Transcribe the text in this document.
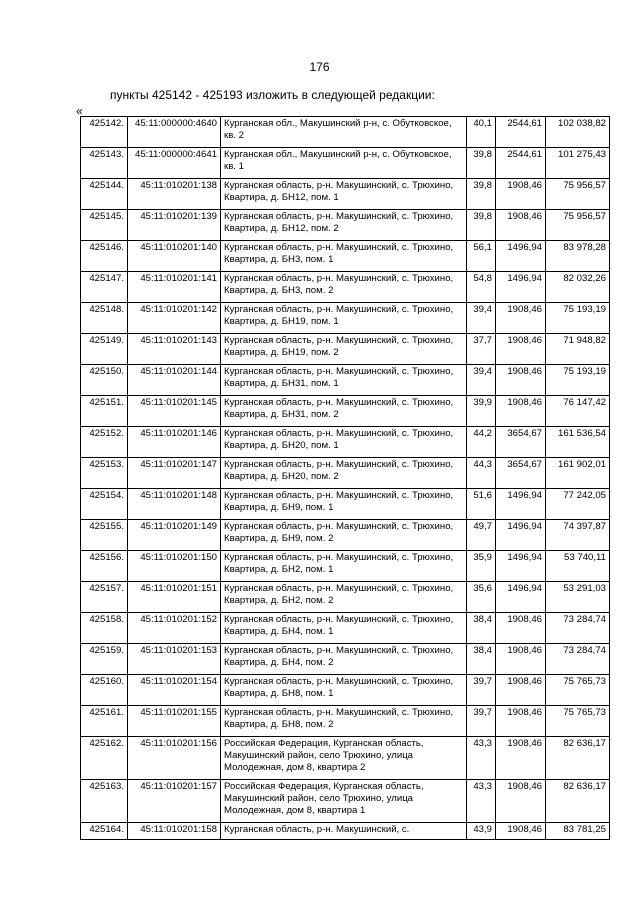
176
пункты 425142 - 425193 изложить в следующей редакции:
«
425142.	45:11:000000:4640	Курганская обл., Макушинский р-н, с. Обутковское, кв. 2	40,1	2544,61	102 038,82
425143.	45:11:000000:4641	Курганская обл., Макушинский р-н, с. Обутковское, кв. 1	39,8	2544,61	101 275,43
425144.	45:11:010201:138	Курганская область, р-н. Макушинский, с. Трюхино, Квартира, д. БН12, пом. 1	39,8	1908,46	75 956,57
425145.	45:11:010201:139	Курганская область, р-н. Макушинский, с. Трюхино, Квартира, д. БН12, пом. 2	39,8	1908,46	75 956,57
425146.	45:11:010201:140	Курганская область, р-н. Макушинский, с. Трюхино, Квартира, д. БН3, пом. 1	56,1	1496,94	83 978,28
425147.	45:11:010201:141	Курганская область, р-н. Макушинский, с. Трюхино, Квартира, д. БН3, пом. 2	54,8	1496,94	82 032,26
425148.	45:11:010201:142	Курганская область, р-н. Макушинский, с. Трюхино, Квартира, д. БН19, пом. 1	39,4	1908,46	75 193,19
425149.	45:11:010201:143	Курганская область, р-н. Макушинский, с. Трюхино, Квартира, д. БН19, пом. 2	37,7	1908,46	71 948,82
425150.	45:11:010201:144	Курганская область, р-н. Макушинский, с. Трюхино, Квартира, д. БН31, пом. 1	39,4	1908,46	75 193,19
425151.	45:11:010201:145	Курганская область, р-н. Макушинский, с. Трюхино, Квартира, д. БН31, пом. 2	39,9	1908,46	76 147,42
425152.	45:11:010201:146	Курганская область, р-н. Макушинский, с. Трюхино, Квартира, д. БН20, пом. 1	44,2	3654,67	161 536,54
425153.	45:11:010201:147	Курганская область, р-н. Макушинский, с. Трюхино, Квартира, д. БН20, пом. 2	44,3	3654,67	161 902,01
425154.	45:11:010201:148	Курганская область, р-н. Макушинский, с. Трюхино, Квартира, д. БН9, пом. 1	51,6	1496,94	77 242,05
425155.	45:11:010201:149	Курганская область, р-н. Макушинский, с. Трюхино, Квартира, д. БН9, пом. 2	49,7	1496,94	74 397,87
425156.	45:11:010201:150	Курганская область, р-н. Макушинский, с. Трюхино, Квартира, д. БН2, пом. 1	35,9	1496,94	53 740,11
425157.	45:11:010201:151	Курганская область, р-н. Макушинский, с. Трюхино, Квартира, д. БН2, пом. 2	35,6	1496,94	53 291,03
425158.	45:11:010201:152	Курганская область, р-н. Макушинский, с. Трюхино, Квартира, д. БН4, пом. 1	38,4	1908,46	73 284,74
425159.	45:11:010201:153	Курганская область, р-н. Макушинский, с. Трюхино, Квартира, д. БН4, пом. 2	38,4	1908,46	73 284,74
425160.	45:11:010201:154	Курганская область, р-н. Макушинский, с. Трюхино, Квартира, д. БН8, пом. 1	39,7	1908,46	75 765,73
425161.	45:11:010201:155	Курганская область, р-н. Макушинский, с. Трюхино, Квартира, д. БН8, пом. 2	39,7	1908,46	75 765,73
425162.	45:11:010201:156	Российская Федерация, Курганская область, Макушинский район, село Трюхино, улица Молодежная, дом 8, квартира 2	43,3	1908,46	82 636,17
425163.	45:11:010201:157	Российская Федерация, Курганская область, Макушинский район, село Трюхино, улица Молодежная, дом 8, квартира 1	43,3	1908,46	82 636,17
425164.	45:11:010201:158	Курганская область, р-н. Макушинский, с.	43,9	1908,46	83 781,25
